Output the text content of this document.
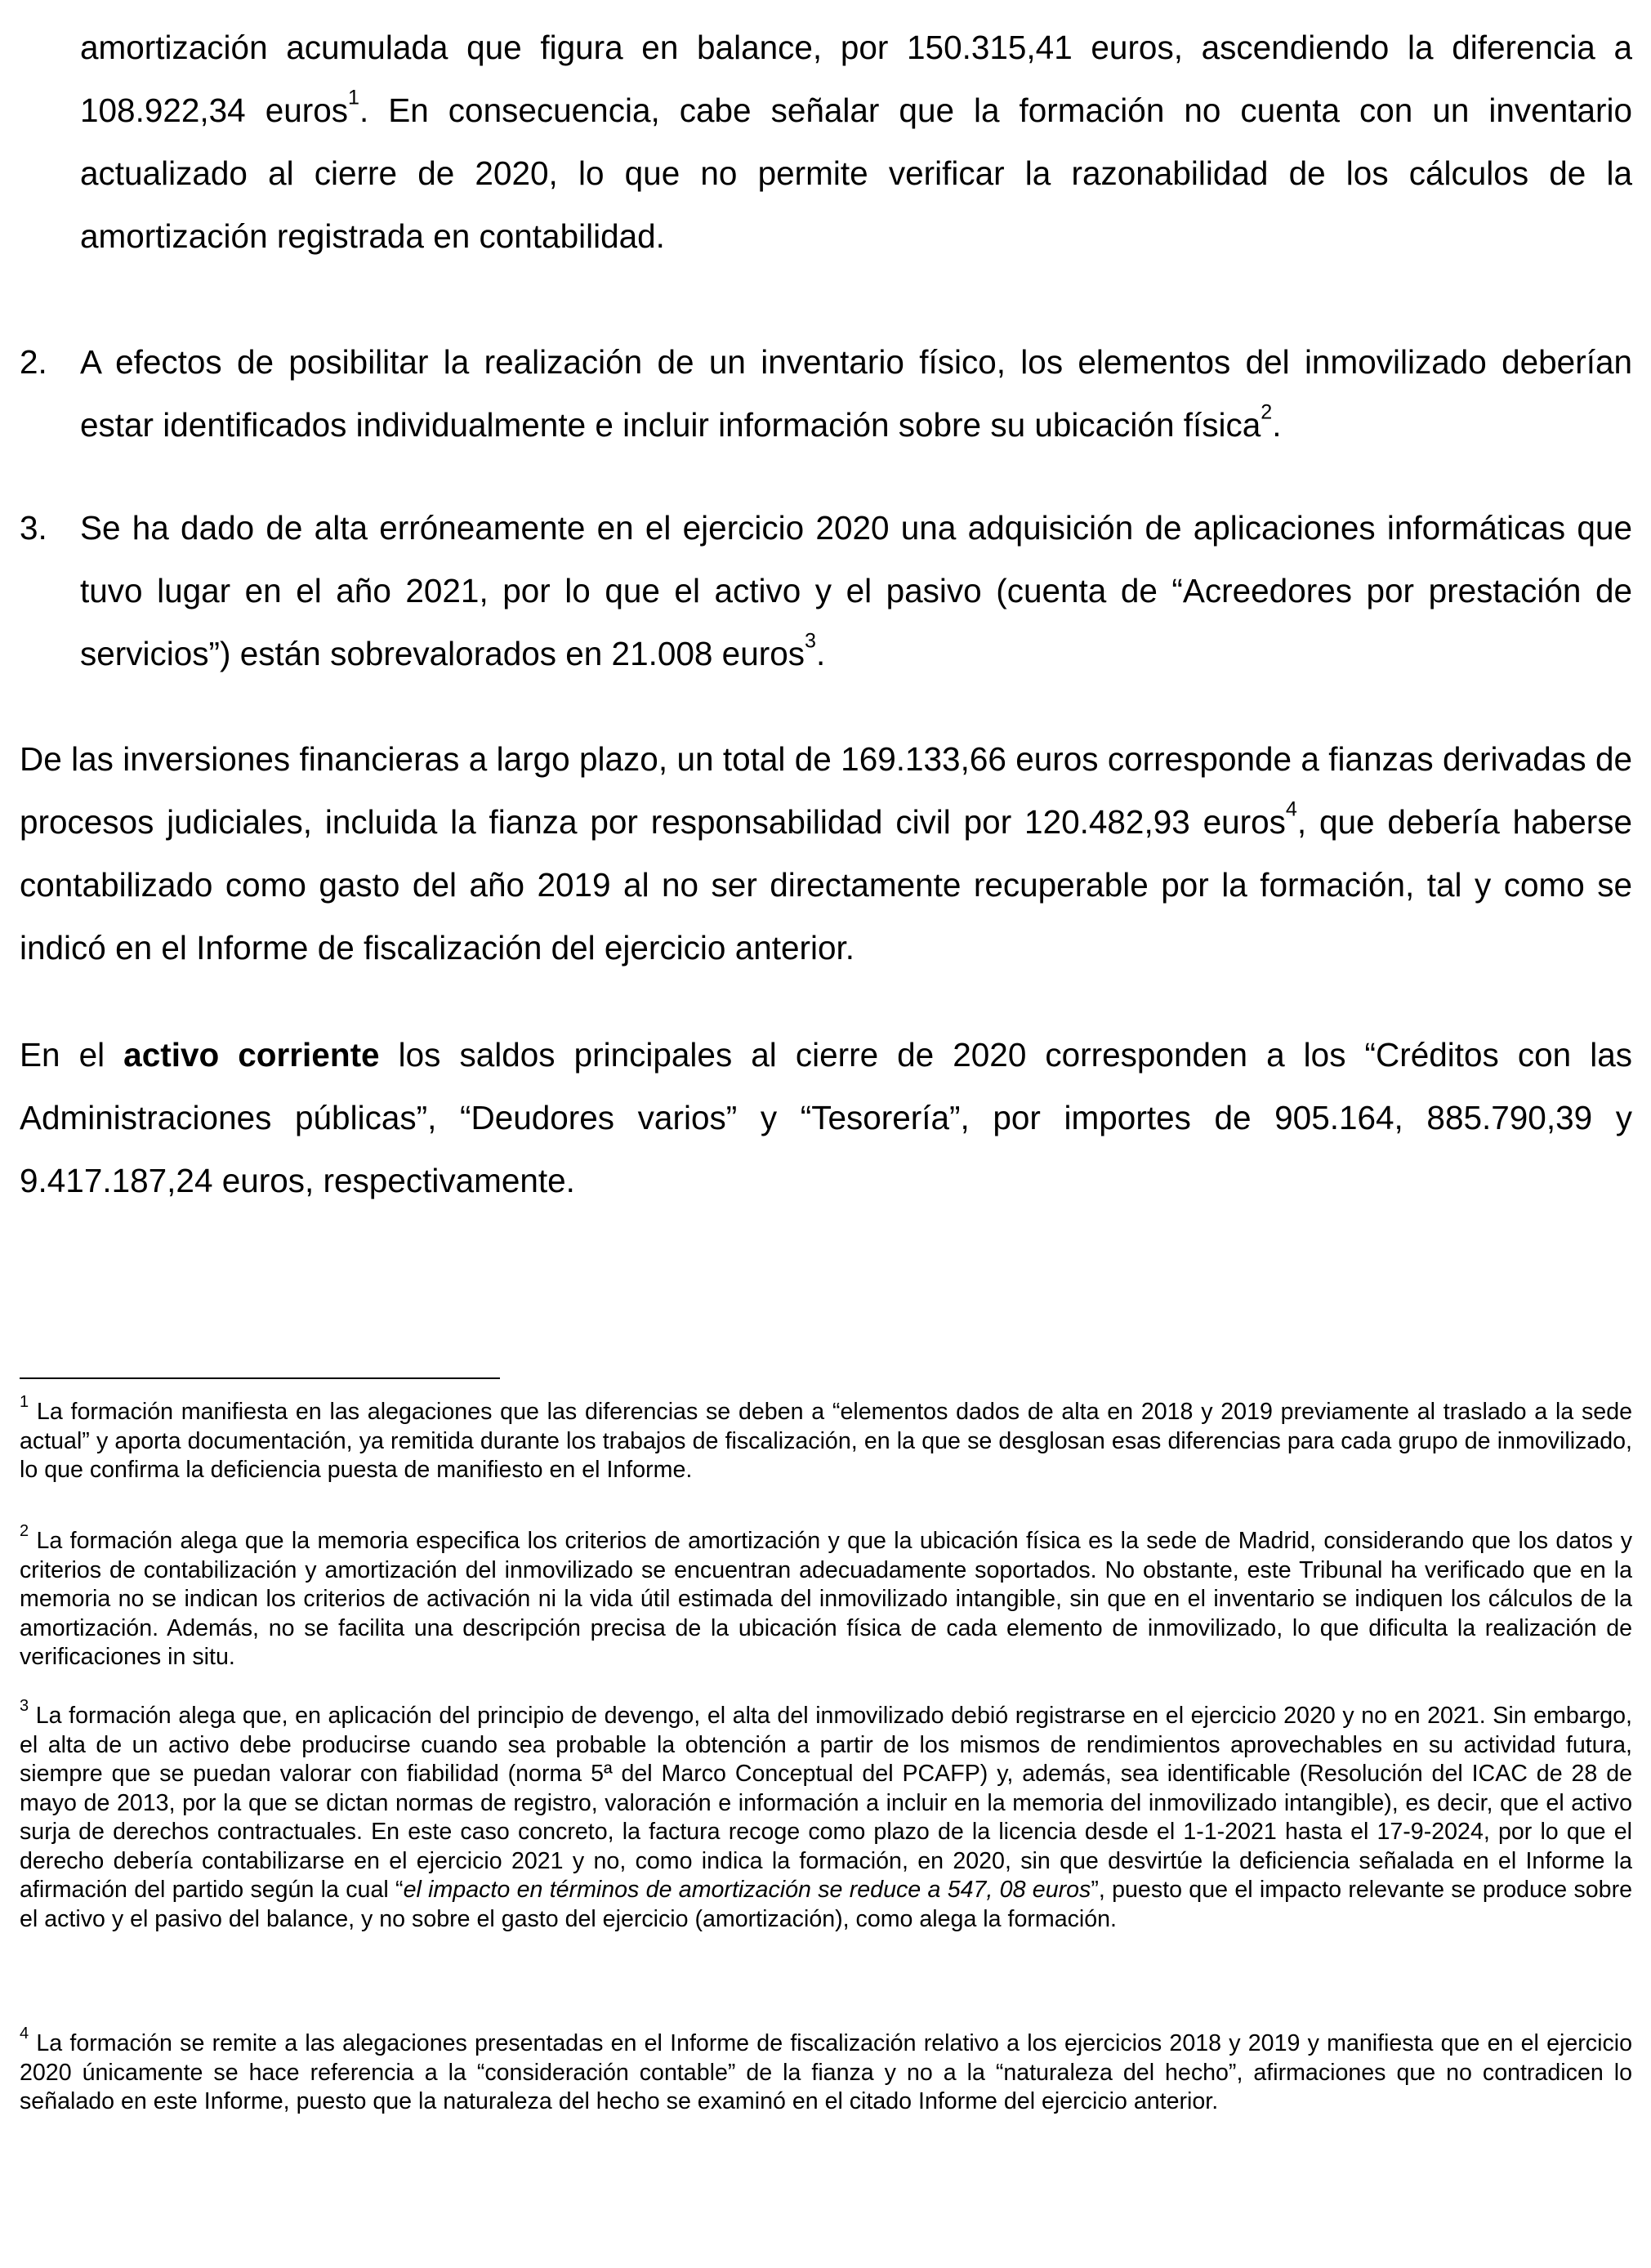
amortización acumulada que figura en balance, por 150.315,41 euros, ascendiendo la diferencia a 108.922,34 euros$^1$. En consecuencia, cabe señalar que la formación no cuenta con un inventario actualizado al cierre de 2020, lo que no permite verificar la razonabilidad de los cálculos de la amortización registrada en contabilidad.

2. A efectos de posibilitar la realización de un inventario físico, los elementos del inmovilizado deberían estar identificados individualmente e incluir información sobre su ubicación física$^2$.

3. Se ha dado de alta erróneamente en el ejercicio 2020 una adquisición de aplicaciones informáticas que tuvo lugar en el año 2021, por lo que el activo y el pasivo (cuenta de “Acreedores por prestación de servicios”) están sobrevalorados en 21.008 euros$^3$.

De las inversiones financieras a largo plazo, un total de 169.133,66 euros corresponde a fianzas derivadas de procesos judiciales, incluida la fianza por responsabilidad civil por 120.482,93 euros$^4$, que debería haberse contabilizado como gasto del año 2019 al no ser directamente recuperable por la formación, tal y como se indicó en el Informe de fiscalización del ejercicio anterior.

En el activo corriente los saldos principales al cierre de 2020 corresponden a los “Créditos con las Administraciones públicas”, “Deudores varios” y “Tesorería”, por importes de 905.164, 885.790,39 y 9.417.187,24 euros, respectivamente.

$^1$ La formación manifiesta en las alegaciones que las diferencias se deben a “elementos dados de alta en 2018 y 2019 previamente al traslado a la sede actual” y aporta documentación, ya remitida durante los trabajos de fiscalización, en la que se desglosan esas diferencias para cada grupo de inmovilizado, lo que confirma la deficiencia puesta de manifiesto en el Informe.

$^2$ La formación alega que la memoria especifica los criterios de amortización y que la ubicación física es la sede de Madrid, considerando que los datos y criterios de contabilización y amortización del inmovilizado se encuentran adecuadamente soportados. No obstante, este Tribunal ha verificado que en la memoria no se indican los criterios de activación ni la vida útil estimada del inmovilizado intangible, sin que en el inventario se indiquen los cálculos de la amortización. Además, no se facilita una descripción precisa de la ubicación física de cada elemento de inmovilizado, lo que dificulta la realización de verificaciones in situ.

$^3$ La formación alega que, en aplicación del principio de devengo, el alta del inmovilizado debió registrarse en el ejercicio 2020 y no en 2021. Sin embargo, el alta de un activo debe producirse cuando sea probable la obtención a partir de los mismos de rendimientos aprovechables en su actividad futura, siempre que se puedan valorar con fiabilidad (norma 5ª del Marco Conceptual del PCAFP) y, además, sea identificable (Resolución del ICAC de 28 de mayo de 2013, por la que se dictan normas de registro, valoración e información a incluir en la memoria del inmovilizado intangible), es decir, que el activo surja de derechos contractuales. En este caso concreto, la factura recoge como plazo de la licencia desde el 1-1-2021 hasta el 17-9-2024, por lo que el derecho debería contabilizarse en el ejercicio 2021 y no, como indica la formación, en 2020, sin que desvirtúe la deficiencia señalada en el Informe la afirmación del partido según la cual “el impacto en términos de amortización se reduce a 547, 08 euros”, puesto que el impacto relevante se produce sobre el activo y el pasivo del balance, y no sobre el gasto del ejercicio (amortización), como alega la formación.

$^4$ La formación se remite a las alegaciones presentadas en el Informe de fiscalización relativo a los ejercicios 2018 y 2019 y manifiesta que en el ejercicio 2020 únicamente se hace referencia a la “consideración contable” de la fianza y no a la “naturaleza del hecho”, afirmaciones que no contradicen lo señalado en este Informe, puesto que la naturaleza del hecho se examinó en el citado Informe del ejercicio anterior.
